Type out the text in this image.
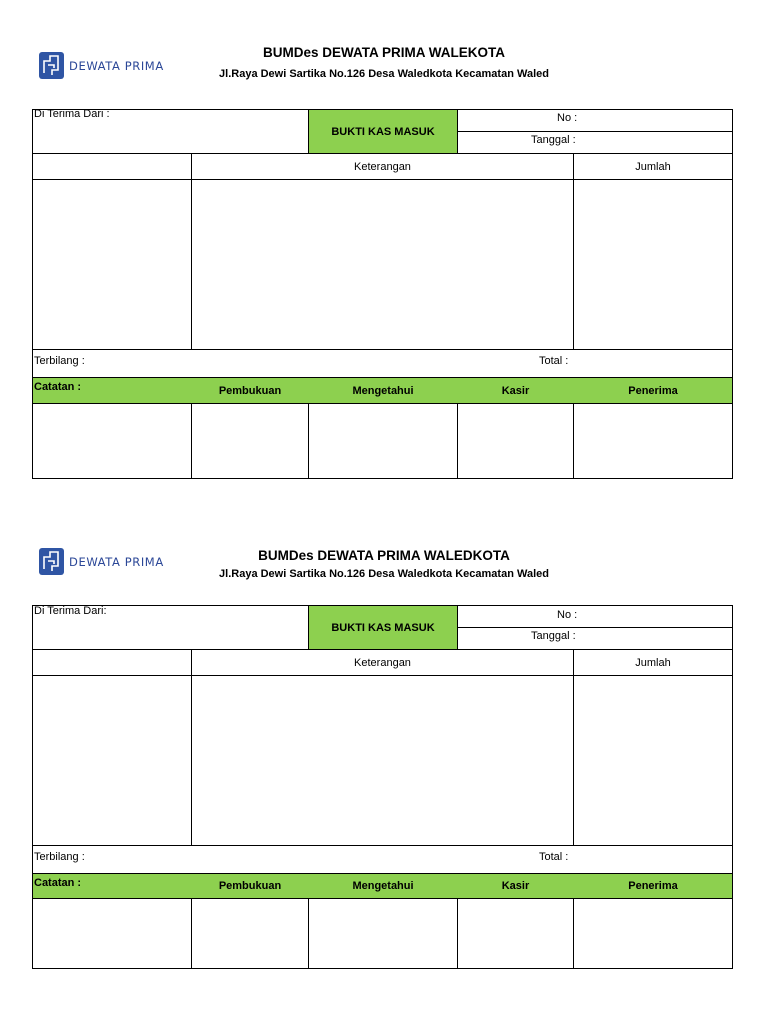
DEWATA PRIMA
BUMDes DEWATA PRIMA WALEKOTA
Jl.Raya Dewi Sartika No.126 Desa Waledkota Kecamatan Waled
Di Terima Dari :
BUKTI KAS MASUK
No :
Tanggal :
Keterangan	Jumlah
Terbilang :	Total :
Catatan :	Pembukuan	Mengetahui	Kasir	Penerima
DEWATA PRIMA	BUMDes DEWATA PRIMA WALEDKOTA
Jl.Raya Dewi Sartika No.126 Desa Waledkota Kecamatan Waled
Di Terima Dari:
BUKTI KAS MASUK
No :
Tanggal :
Keterangan	Jumlah
Terbilang :	Total :
Catatan :	Pembukuan	Mengetahui	Kasir	Penerima
